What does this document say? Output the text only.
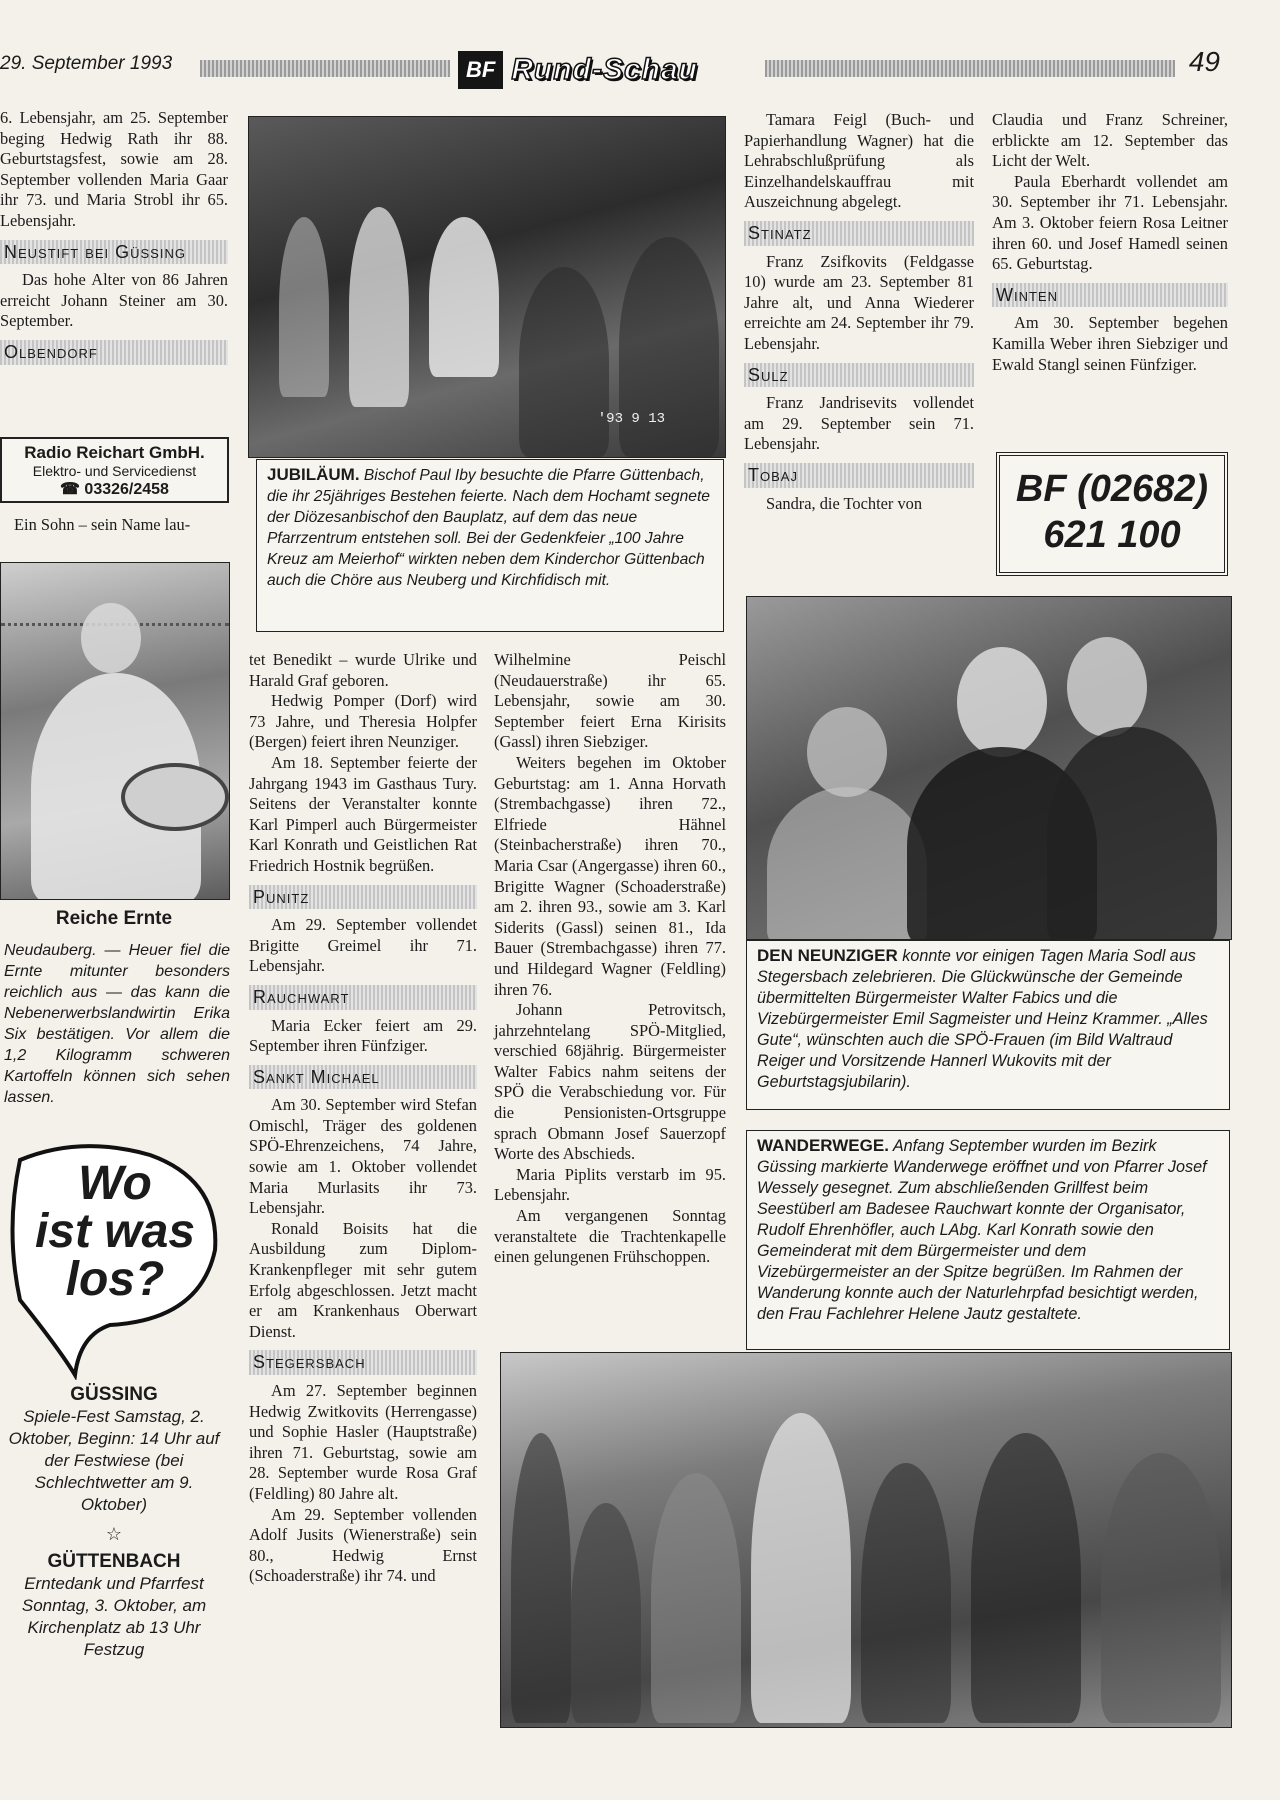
29. September 1993	BF Rund-Schau	49

6. Lebensjahr, am 25. September beging Hedwig Rath ihr 88. Geburtstagsfest, sowie am 28. September vollenden Maria Gaar ihr 73. und Maria Strobl ihr 65. Lebensjahr.

Neustift bei Güssing

Das hohe Alter von 86 Jahren erreicht Johann Steiner am 30. September.

Olbendorf
Radio Reichart GmbH.
Elektro- und Servicedienst
☎ 03326/2458

Ein Sohn – sein Name lau-

Reiche Ernte
Neudauberg. — Heuer fiel die Ernte mitunter besonders reichlich aus — das kann die Nebenerwerbslandwirtin Erika Six bestätigen. Vor allem die 1,2 Kilogramm schweren Kartoffeln können sich sehen lassen.
Wo
ist was
los?
GÜSSING
Spiele-Fest Samstag, 2. Oktober, Beginn: 14 Uhr auf der Festwiese (bei Schlechtwetter am 9. Oktober)
☆
GÜTTENBACH
Erntedank und Pfarrfest Sonntag, 3. Oktober, am Kirchenplatz ab 13 Uhr Festzug
'93 9 13
JUBILÄUM. Bischof Paul Iby besuchte die Pfarre Güttenbach, die ihr 25jähriges Bestehen feierte. Nach dem Hochamt segnete der Diözesanbischof den Bauplatz, auf dem das neue Pfarrzentrum entstehen soll. Bei der Gedenkfeier „100 Jahre Kreuz am Meierhof“ wirkten neben dem Kinderchor Güttenbach auch die Chöre aus Neuberg und Kirchfidisch mit.

tet Benedikt – wurde Ulrike und Harald Graf geboren.

Hedwig Pomper (Dorf) wird 73 Jahre, und Theresia Holpfer (Bergen) feiert ihren Neunziger.

Am 18. September feierte der Jahrgang 1943 im Gasthaus Tury. Seitens der Veranstalter konnte Karl Pimperl auch Bürgermeister Karl Konrath und Geistlichen Rat Friedrich Hostnik begrüßen.

Punitz

Am 29. September vollendet Brigitte Greimel ihr 71. Lebensjahr.

Rauchwart

Maria Ecker feiert am 29. September ihren Fünfziger.

Sankt Michael

Am 30. September wird Stefan Omischl, Träger des goldenen SPÖ-Ehrenzeichens, 74 Jahre, sowie am 1. Oktober vollendet Maria Murlasits ihr 73. Lebensjahr.

Ronald Boisits hat die Ausbildung zum Diplom-Krankenpfleger mit sehr gutem Erfolg abgeschlossen. Jetzt macht er am Krankenhaus Oberwart Dienst.

Stegersbach

Am 27. September beginnen Hedwig Zwitkovits (Herrengasse) und Sophie Hasler (Hauptstraße) ihren 71. Geburtstag, sowie am 28. September wurde Rosa Graf (Feldling) 80 Jahre alt.

Am 29. September vollenden Adolf Jusits (Wienerstraße) sein 80., Hedwig Ernst (Schoaderstraße) ihr 74. und

Wilhelmine Peischl (Neudauerstraße) ihr 65. Lebensjahr, sowie am 30. September feiert Erna Kirisits (Gassl) ihren Siebziger.

Weiters begehen im Oktober Geburtstag: am 1. Anna Horvath (Strembachgasse) ihren 72., Elfriede Hähnel (Steinbacherstraße) ihren 70., Maria Csar (Angergasse) ihren 60., Brigitte Wagner (Schoaderstraße) am 2. ihren 93., sowie am 3. Karl Siderits (Gassl) seinen 81., Ida Bauer (Strembachgasse) ihren 77. und Hildegard Wagner (Feldling) ihren 76.

Johann Petrovitsch, jahrzehntelang SPÖ-Mitglied, verschied 68jährig. Bürgermeister Walter Fabics nahm seitens der SPÖ die Verabschiedung vor. Für die Pensionisten-Ortsgruppe sprach Obmann Josef Sauerzopf Worte des Abschieds.

Maria Piplits verstarb im 95. Lebensjahr.

Am vergangenen Sonntag veranstaltete die Trachtenkapelle einen gelungenen Frühschoppen.

Tamara Feigl (Buch- und Papierhandlung Wagner) hat die Lehrabschlußprüfung als Einzelhandelskauffrau mit Auszeichnung abgelegt.

Stinatz

Franz Zsifkovits (Feldgasse 10) wurde am 23. September 81 Jahre alt, und Anna Wiederer erreichte am 24. September ihr 79. Lebensjahr.

Sulz

Franz Jandrisevits vollendet am 29. September sein 71. Lebensjahr.

Tobaj

Sandra, die Tochter von

Claudia und Franz Schreiner, erblickte am 12. September das Licht der Welt.

Paula Eberhardt vollendet am 30. September ihr 71. Lebensjahr. Am 3. Oktober feiern Rosa Leitner ihren 60. und Josef Hamedl seinen 65. Geburtstag.

Winten

Am 30. September begehen Kamilla Weber ihren Siebziger und Ewald Stangl seinen Fünfziger.

BF (02682)
621 100
DEN NEUNZIGER konnte vor einigen Tagen Maria Sodl aus Stegersbach zelebrieren. Die Glückwünsche der Gemeinde übermittelten Bürgermeister Walter Fabics und die Vizebürgermeister Emil Sagmeister und Heinz Krammer. „Alles Gute“, wünschten auch die SPÖ-Frauen (im Bild Waltraud Reiger und Vorsitzende Hannerl Wukovits mit der Geburtstagsjubilarin).
WANDERWEGE. Anfang September wurden im Bezirk Güssing markierte Wanderwege eröffnet und von Pfarrer Josef Wessely gesegnet. Zum abschließenden Grillfest beim Seestüberl am Badesee Rauchwart konnte der Organisator, Rudolf Ehrenhöfler, auch LAbg. Karl Konrath sowie den Gemeinderat mit dem Bürgermeister und dem Vizebürgermeister an der Spitze begrüßen. Im Rahmen der Wanderung konnte auch der Naturlehrpfad besichtigt werden, den Frau Fachlehrer Helene Jautz gestaltete.
